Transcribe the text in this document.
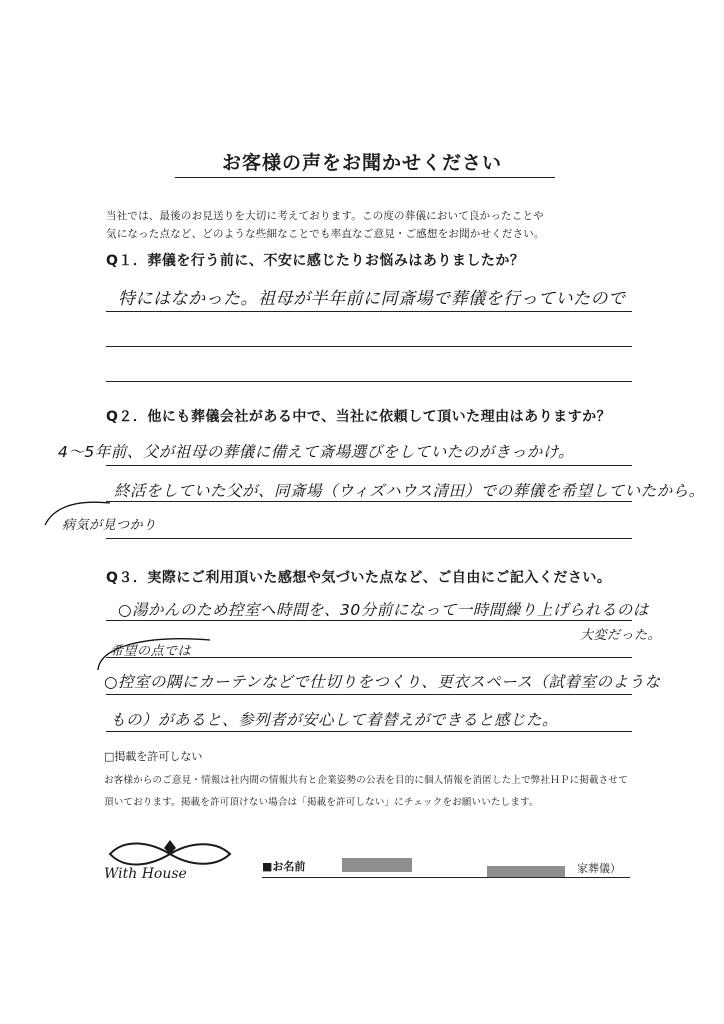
お客様の声をお聞かせください
当社では、最後のお見送りを大切に考えております。この度の葬儀において良かったことや
気になった点など、どのような些細なことでも率直なご意見・ご感想をお聞かせください。
Q１．葬儀を行う前に、不安に感じたりお悩みはありましたか？
特にはなかった。祖母が半年前に同斎場で葬儀を行っていたので
Q２．他にも葬儀会社がある中で、当社に依頼して頂いた理由はありますか？
4～5年前、父が祖母の葬儀に備えて斎場選びをしていたのがきっかけ。
終活をしていた父が、同斎場（ウィズハウス清田）での葬儀を希望していたから。
病気が見つかり
Q３．実際にご利用頂いた感想や気づいた点など、ご自由にご記入ください。
○湯かんのため控室へ時間を、30分前になって一時間繰り上げられるのは
大変だった。
希望の点では
○控室の隅にカーテンなどで仕切りをつくり、更衣スペース（試着室のような
もの）があると、参列者が安心して着替えができると感じた。
□掲載を許可しない
お客様からのご意見・情報は社内間の情報共有と企業姿勢の公表を目的に個人情報を消匿した上で弊社ＨＰに掲載させて
頂いております。掲載を許可頂けない場合は「掲載を許可しない」にチェックをお願いいたします。
With House	■お名前	家葬儀）
